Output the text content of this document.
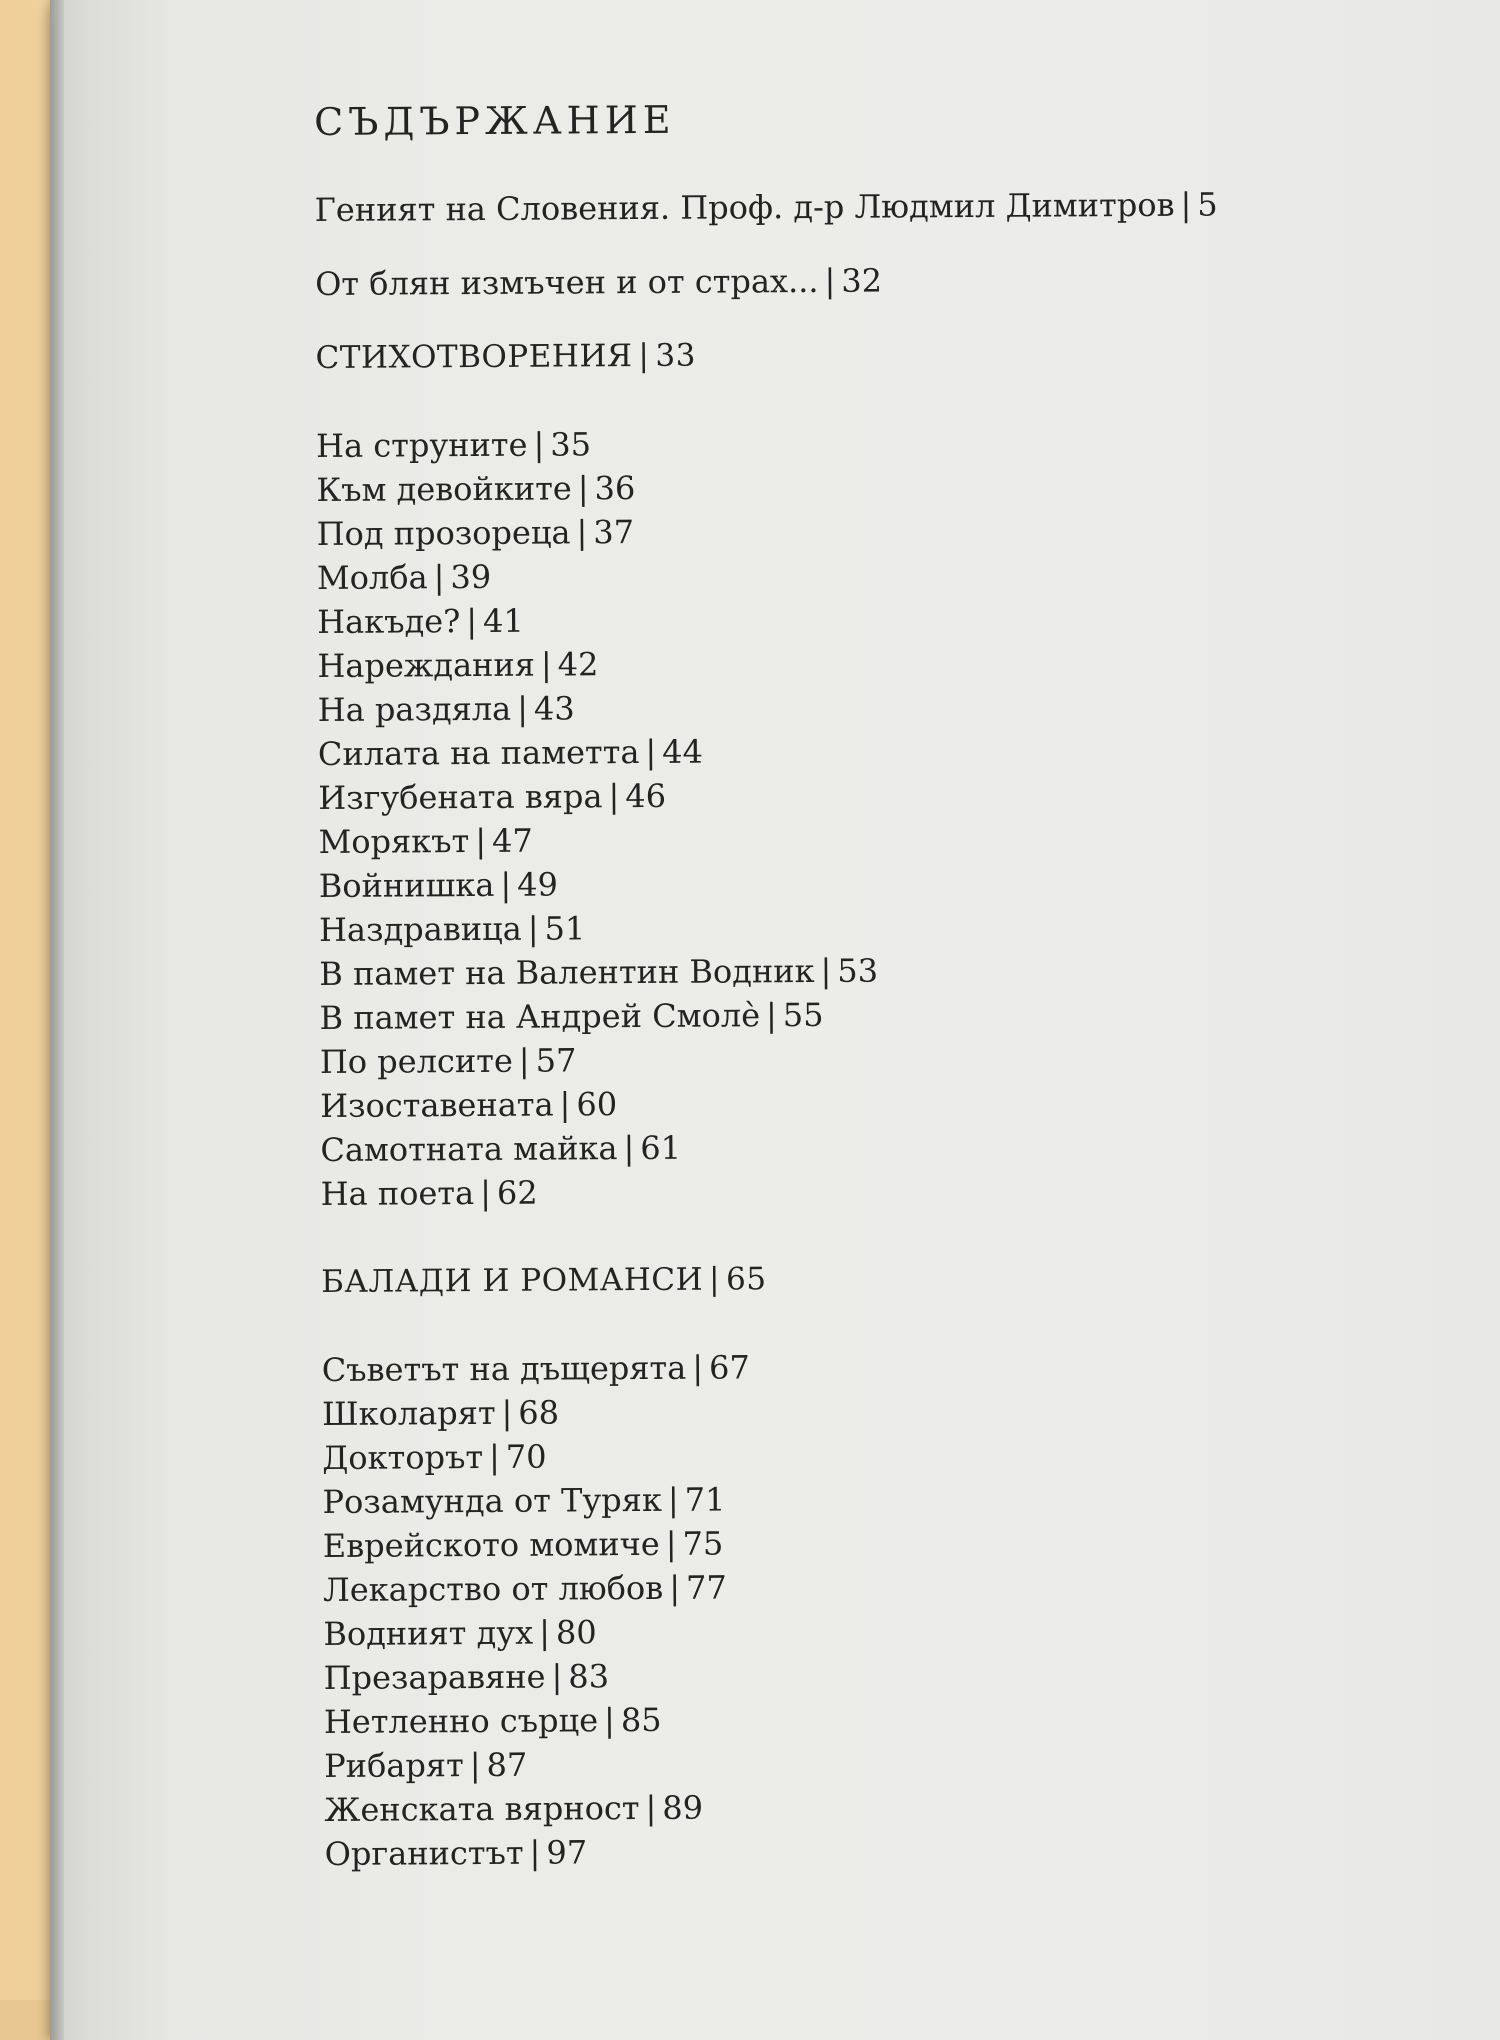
СЪДЪРЖАНИЕ
Геният на Словения. Проф. д-р Людмил Димитров | 5
От блян измъчен и от страх... | 32
СТИХОТВОРЕНИЯ | 33
На струните | 35
Към девойките | 36
Под прозореца | 37
Молба | 39
Накъде? | 41
Нареждания | 42
На раздяла | 43
Силата на паметта | 44
Изгубената вяра | 46
Морякът | 47
Войнишка | 49
Наздравица | 51
В памет на Валентин Водник | 53
В памет на Андрей Смолѐ | 55
По релсите | 57
Изоставената | 60
Самотната майка | 61
На поета | 62
БАЛАДИ И РОМАНСИ | 65
Съветът на дъщерята | 67
Школарят | 68
Докторът | 70
Розамунда от Туряк | 71
Еврейското момиче | 75
Лекарство от любов | 77
Водният дух | 80
Презаравяне | 83
Нетленно сърце | 85
Рибарят | 87
Женската вярност | 89
Органистът | 97
